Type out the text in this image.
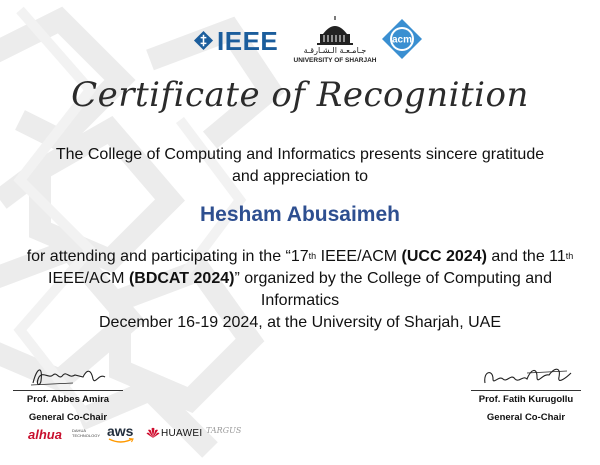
IEEE	جـامـعـة الـشـارقـة
UNIVERSITY OF SHARJAH
acm
Certificate of Recognition
The College of Computing and Informatics presents sincere gratitude
and appreciation to
Hesham Abusaimeh
for attending and participating in the “17th IEEE/ACM (UCC 2024) and the 11th IEEE/ACM (BDCAT 2024)” organized by the College of Computing and Informatics
December 16-19 2024, at the University of Sharjah, UAE
Prof. Abbes Amira
General Co-Chair
Prof. Fatih Kurugollu
General Co-Chair
alhua	DAHUA TECHNOLOGY aws	HUAWEI TARGUS
